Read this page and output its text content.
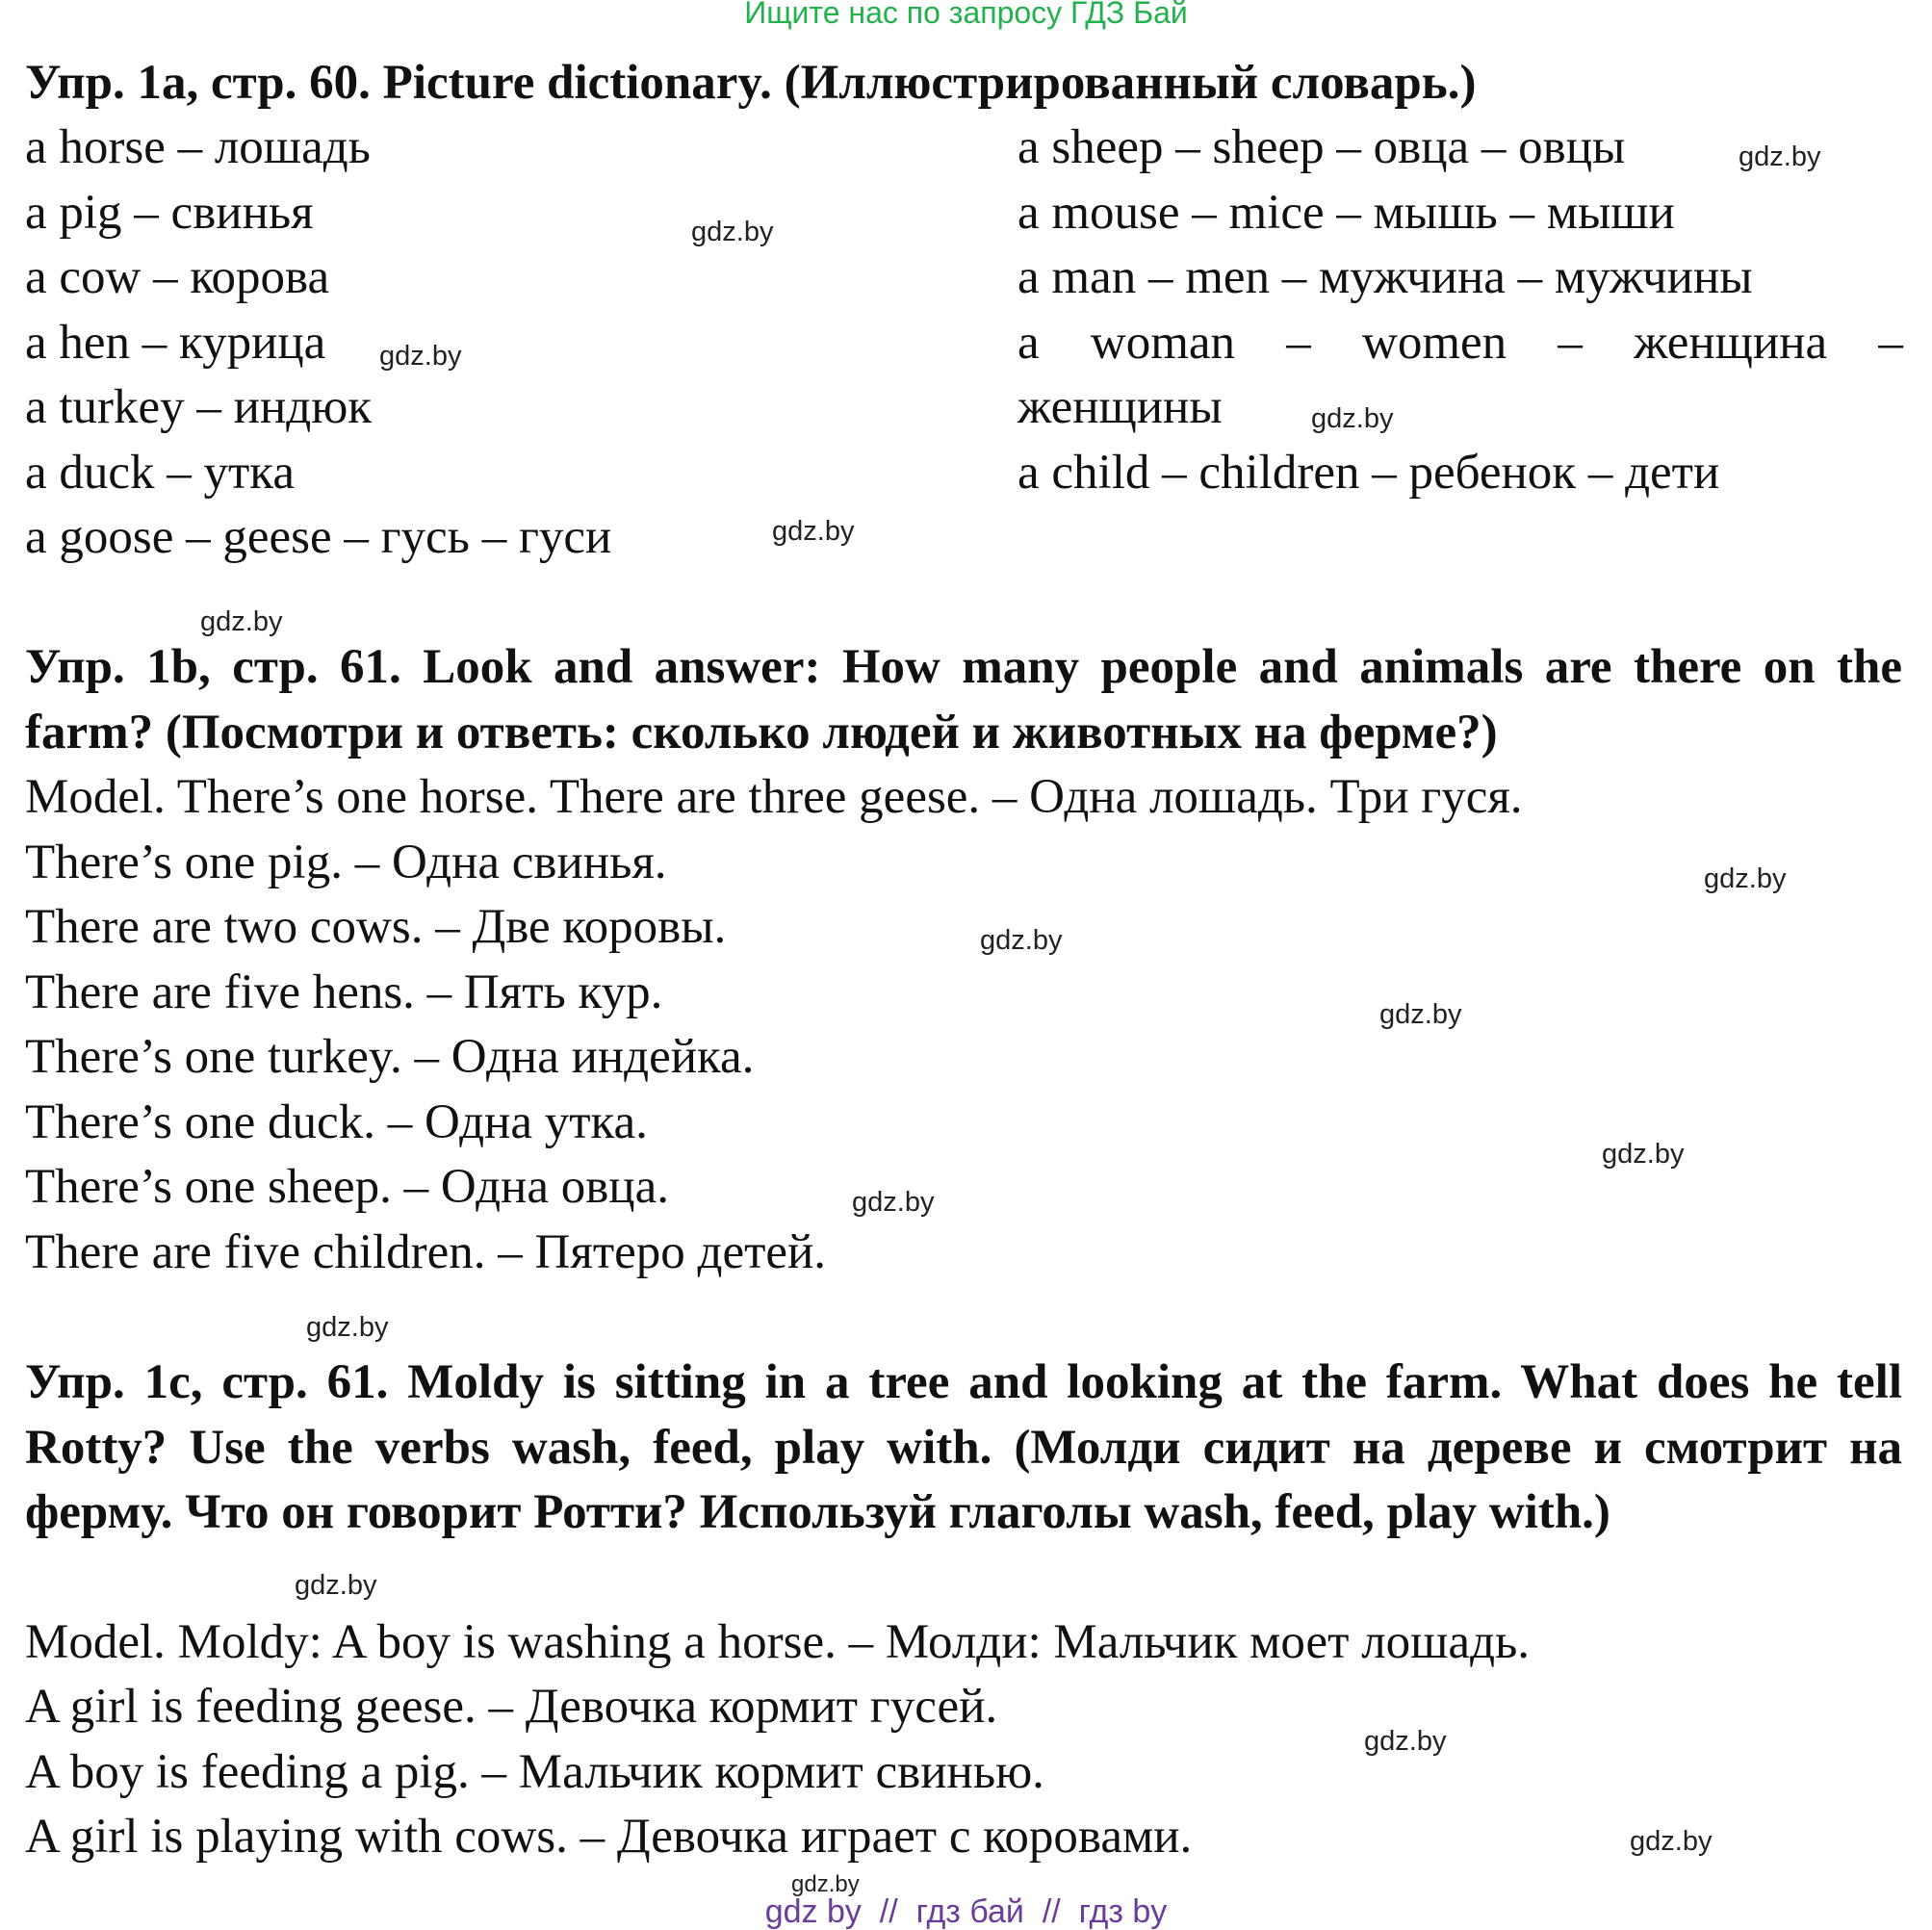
Ищите нас по запросу ГДЗ Бай
Упр. 1a, стр. 60. Picture dictionary. (Иллюстрированный словарь.)
a horse – лошадь
a pig – свинья
a cow – корова
a hen – курица
a turkey – индюк
a duck – утка
a goose – geese – гусь – гуси
a sheep – sheep – овца – овцы
a mouse – mice – мышь – мыши
a man – men – мужчина – мужчины
a woman – women – женщина –
женщины
a child – children – ребенок – дети
Упр. 1b, стр. 61. Look and answer: How many people and animals are there on the farm? (Посмотри и ответь: сколько людей и животных на ферме?)
Model. There’s one horse. There are three geese. – Одна лошадь. Три гуся.
There’s one pig. – Одна свинья.
There are two cows. – Две коровы.
There are five hens. – Пять кур.
There’s one turkey. – Одна индейка.
There’s one duck. – Одна утка.
There’s one sheep. – Одна овца.
There are five children. – Пятеро детей.
Упр. 1c, стр. 61. Moldy is sitting in a tree and looking at the farm. What does he tell Rotty? Use the verbs wash, feed, play with. (Молди сидит на дереве и смотрит на ферму. Что он говорит Ротти? Используй глаголы wash, feed, play with.)
Model. Moldy: A boy is washing a horse. – Молди: Мальчик моет лошадь.
A girl is feeding geese. – Девочка кормит гусей.
A boy is feeding a pig. – Мальчик кормит свинью.
A girl is playing with cows. – Девочка играет с коровами.
gdz.by
gdz.by
gdz.by
gdz.by
gdz.by
gdz.by
gdz.by
gdz.by
gdz.by
gdz.by
gdz.by
gdz.by
gdz.by
gdz.by
gdz.by
gdz.by
gdz by  //  гдз бай  //  гдз by
